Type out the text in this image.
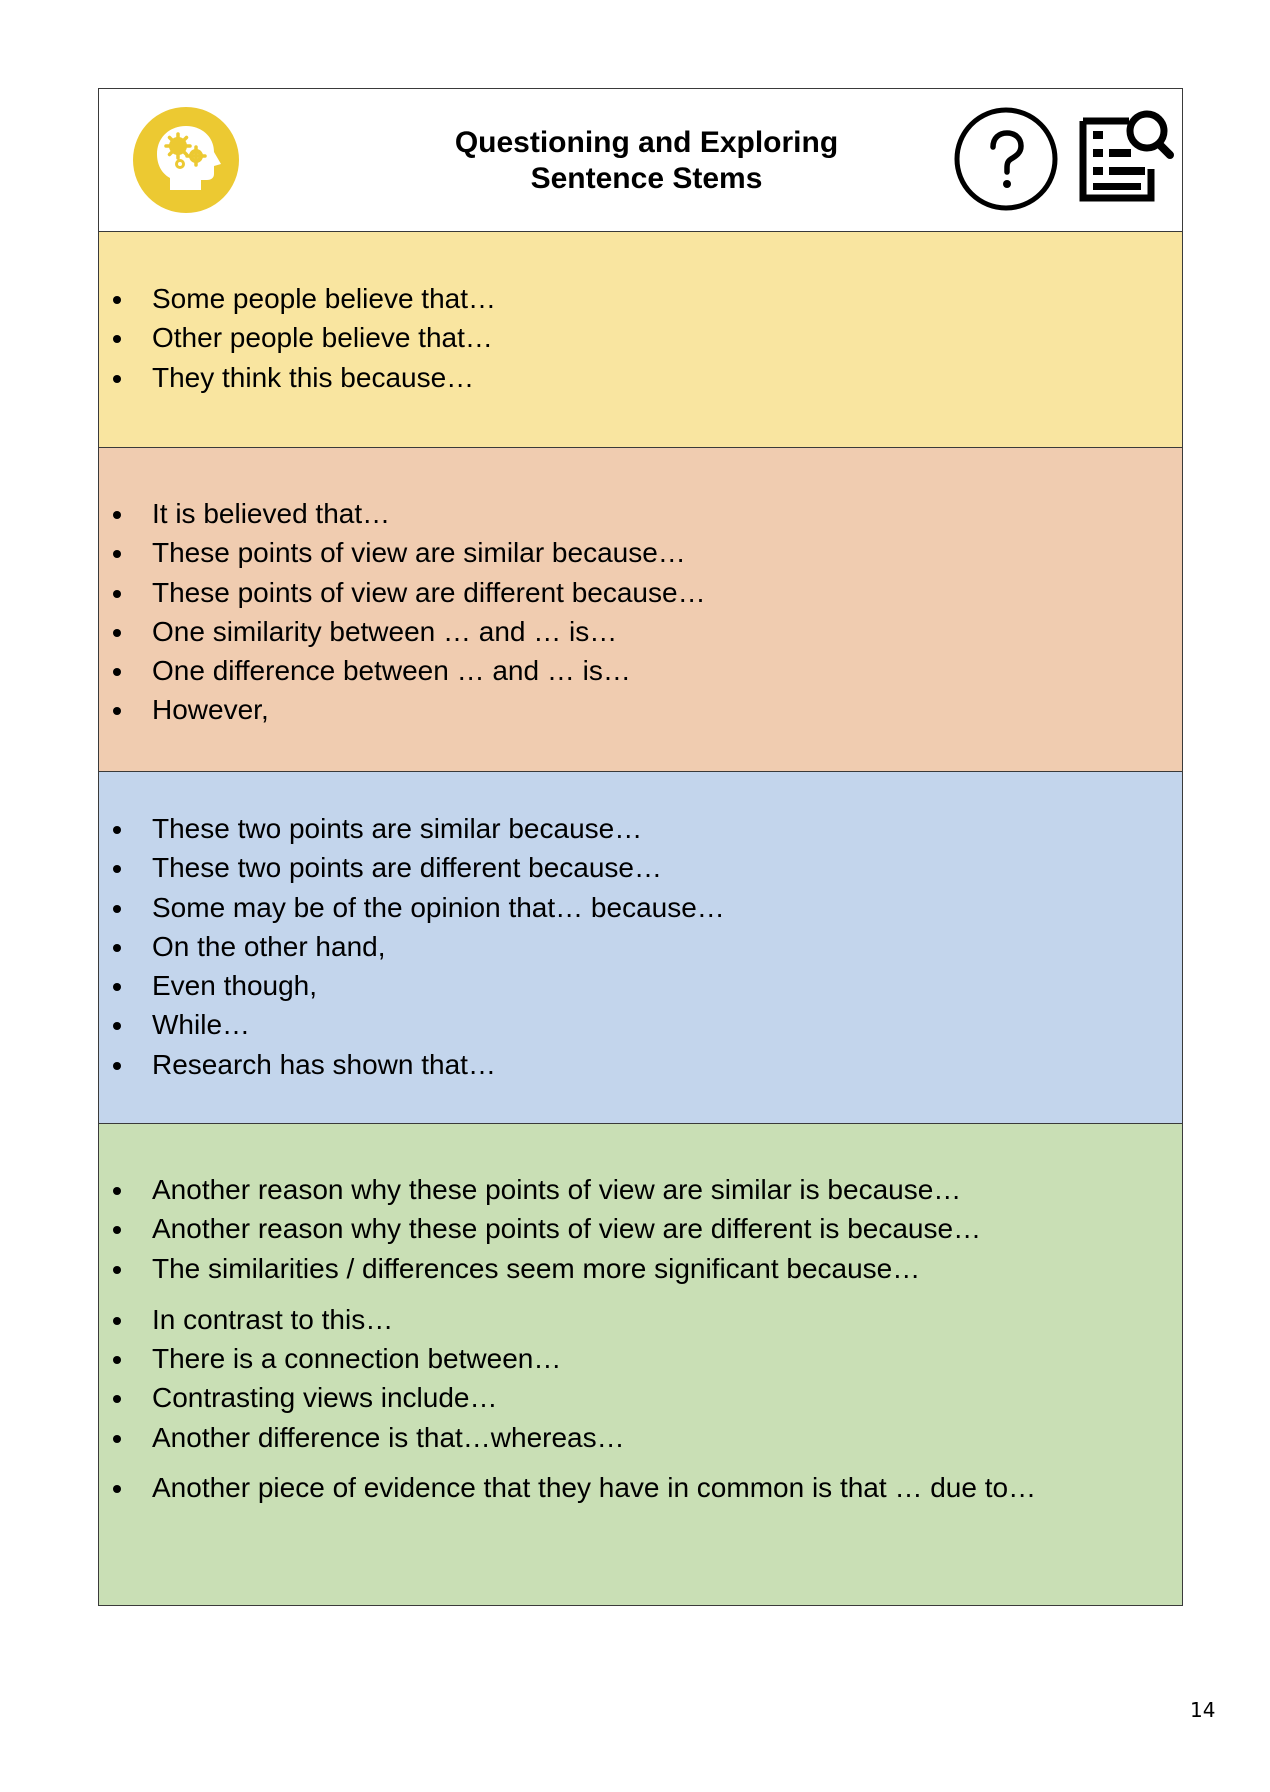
Questioning and Exploring
Sentence Stems
Some people believe that…
Other people believe that…
They think this because…
It is believed that…
These points of view are similar because…
These points of view are different because…
One similarity between … and … is…
One difference between … and … is…
However,
These two points are similar because…
These two points are different because…
Some may be of the opinion that… because…
On the other hand,
Even though,
While…
Research has shown that…
Another reason why these points of view are similar is because…
Another reason why these points of view are different is because…
The similarities / differences seem more significant because…
In contrast to this…
There is a connection between…
Contrasting views include…
Another difference is that…whereas…
Another piece of evidence that they have in common is that … due to…
14
